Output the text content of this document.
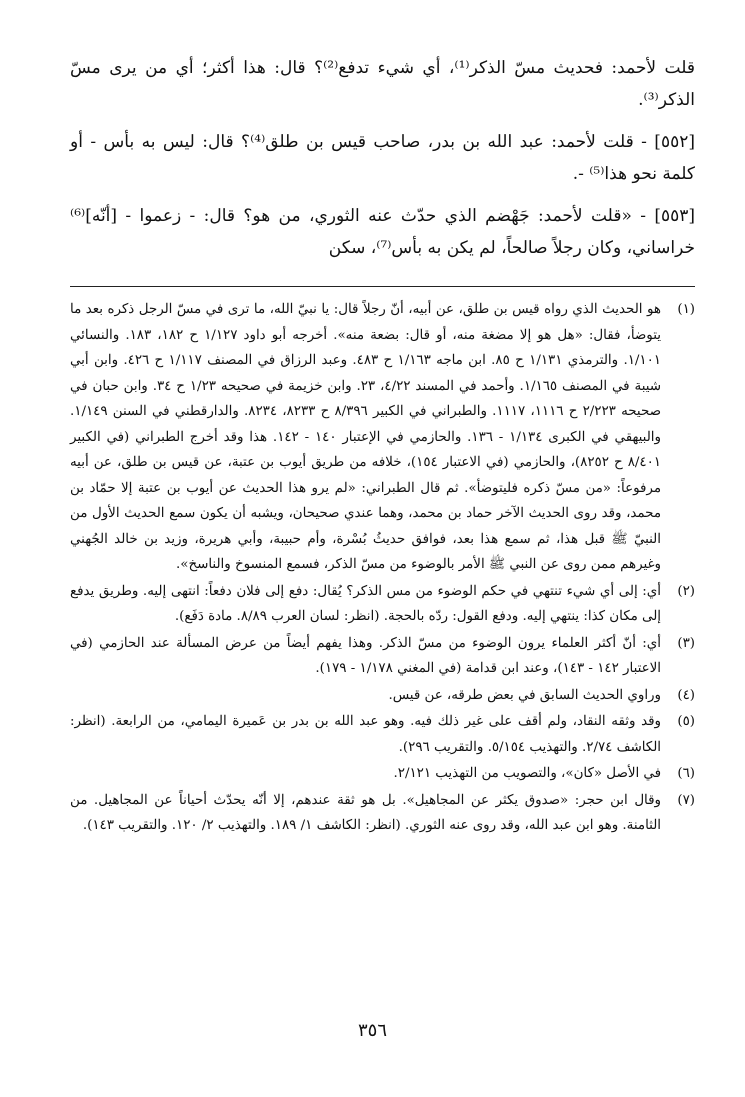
قلت لأحمد: فحديث مسّ الذكر⁽¹⁾، أي شيء تدفع⁽²⁾؟ قال: هذا أكثر؛ أي من يرى مسّ الذكر⁽³⁾.

[٥٥٢] - قلت لأحمد: عبد الله بن بدر، صاحب قيس بن طلق⁽⁴⁾؟ قال: ليس به بأس - أو كلمة نحو هذا⁽⁵⁾ -.

[٥٥٣] - «قلت لأحمد: جَهْضم الذي حدّث عنه الثوري، من هو؟ قال: - زعموا - [أنّه]⁽⁶⁾ خراساني، وكان رجلاً صالحاً، لم يكن به بأس⁽⁷⁾، سكن

(١)
هو الحديث الذي رواه قيس بن طلق، عن أبيه، أنّ رجلاً قال: يا نبيّ الله، ما ترى في مسّ الرجل ذكره بعد ما يتوضأ، فقال: «هل هو إلا مضغة منه، أو قال: بضعة منه». أخرجه أبو داود ١/١٢٧ ح ١٨٢، ١٨٣. والنسائي ١/١٠١. والترمذي ١/١٣١ ح ٨٥. ابن ماجه ١/١٦٣ ح ٤٨٣. وعبد الرزاق في المصنف ١/١١٧ ح ٤٢٦. وابن أبي شيبة في المصنف ١/١٦٥. وأحمد في المسند ٤/٢٢، ٢٣. وابن خزيمة في صحيحه ١/٢٣ ح ٣٤. وابن حبان في صحيحه ٢/٢٢٣ ح ١١١٦، ١١١٧. والطبراني في الكبير ٨/٣٩٦ ح ٨٢٣٣، ٨٢٣٤. والدارقطني في السنن ١/١٤٩. والبيهقي في الكبرى ١/١٣٤ - ١٣٦. والحازمي في الإعتبار ١٤٠ - ١٤٢. هذا وقد أخرج الطبراني (في الكبير ٨/٤٠١ ح ٨٢٥٢)، والحازمي (في الاعتبار ١٥٤)، خلافه من طريق أيوب بن عتبة، عن قيس بن طلق، عن أبيه مرفوعاً: «من مسّ ذكره فليتوضأ». ثم قال الطبراني: «لم يرو هذا الحديث عن أيوب بن عتبة إلا حمّاد بن محمد، وقد روى الحديث الآخر حماد بن محمد، وهما عندي صحيحان، ويشبه أن يكون سمع الحديث الأول من النبيّ ﷺ قبل هذا، ثم سمع هذا بعد، فوافق حديثُ بُسْرة، وأم حبيبة، وأبي هريرة، وزيد بن خالد الجُهني وغيرهم ممن روى عن النبي ﷺ الأمر بالوضوء من مسّ الذكر، فسمع المنسوخ والناسخ».
(٢)
أي: إلى أي شيء تنتهي في حكم الوضوء من مس الذكر؟ يُقال: دفع إلى فلان دفعاً: انتهى إليه. وطريق يدفع إلى مكان كذا: ينتهي إليه. ودفع القول: ردّه بالحجة. (انظر: لسان العرب ٨/٨٩. مادة دَفَع).
(٣)
أي: أنّ أكثر العلماء يرون الوضوء من مسّ الذكر. وهذا يفهم أيضاً من عرض المسألة عند الحازمي (في الاعتبار ١٤٢ - ١٤٣)، وعند ابن قدامة (في المغني ١/١٧٨ - ١٧٩).
(٤)
وراوي الحديث السابق في بعض طرقه، عن قيس.
(٥)
وقد وثقه النقاد، ولم أقف على غير ذلك فيه. وهو عبد الله بن بدر بن عَميرة اليمامي، من الرابعة. (انظر: الكاشف ٢/٧٤. والتهذيب ٥/١٥٤. والتقريب ٢٩٦).
(٦)
في الأصل «كان»، والتصويب من التهذيب ٢/١٢١.
(٧)
وقال ابن حجر: «صدوق يكثر عن المجاهيل». بل هو ثقة عندهم، إلا أنّه يحدّث أحياناً عن المجاهيل. من الثامنة. وهو ابن عبد الله، وقد روى عنه الثوري. (انظر: الكاشف ١/ ١٨٩. والتهذيب ٢/ ١٢٠. والتقريب ١٤٣).
٣٥٦
